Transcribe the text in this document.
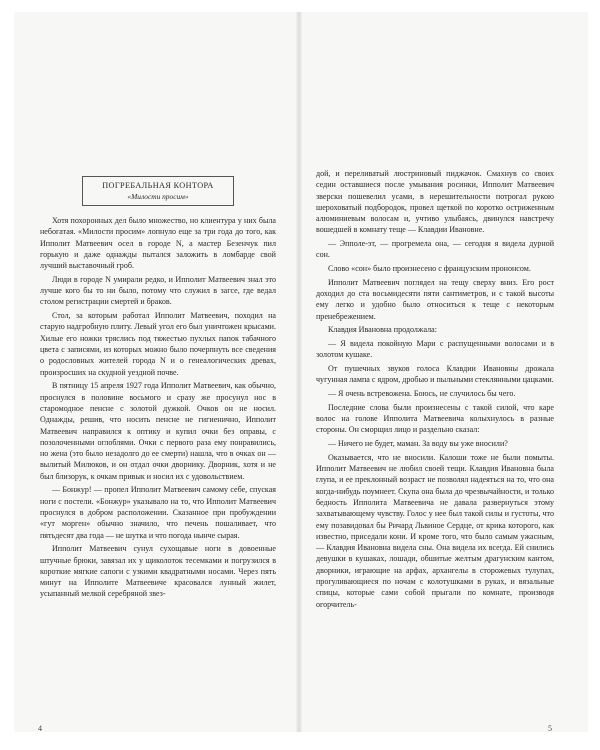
ПОГРЕБАЛЬНАЯ КОНТОРА
«Милости просим»

Хотя похоронных дел было множество, но клиентура у них была небогатая. «Милости просим» лопнуло еще за три года до того, как Ипполит Матвеевич осел в городе N, а мастер Безенчук пил горькую и даже однажды пытался заложить в ломбарде свой лучший выставочный гроб.

Люди в городе N умирали редко, и Ипполит Матвеевич знал это лучше кого бы то ни было, потому что служил в загсе, где ведал столом регистрации смертей и браков.

Стол, за которым работал Ипполит Матвеевич, походил на старую надгробную плиту. Левый угол его был уничтожен крысами. Хилые его ножки тряслись под тяжестью пухлых папок табачного цвета с записями, из которых можно было почерпнуть все сведения о родословных жителей города N и о генеалогических древах, произросших на скудной уездной почве.

В пятницу 15 апреля 1927 года Ипполит Матвеевич, как обычно, проснулся в половине восьмого и сразу же просунул нос в старомодное пенсне с золотой дужкой. Очков он не носил. Однажды, решив, что носить пенсне не гигиенично, Ипполит Матвеевич направился к оптику и купил очки без оправы, с позолоченными оглоблями. Очки с первого раза ему понравились, но жена (это было незадолго до ее смерти) нашла, что в очках он — вылитый Милюков, и он отдал очки дворнику. Дворник, хотя и не был близорук, к очкам привык и носил их с удовольствием.

— Бонжур! — пропел Ипполит Матвеевич самому себе, спуская ноги с постели. «Бонжур» указывало на то, что Ипполит Матвеевич проснулся в добром расположении. Сказанное при пробуждении «гут морген» обычно значило, что печень пошаливает, что пятьдесят два года — не шутка и что погода нынче сырая.

Ипполит Матвеевич сунул сухощавые ноги в довоенные штучные брюки, завязал их у щиколоток тесемками и погрузился в короткие мягкие сапоги с узкими квадратными носами. Через пять минут на Ипполите Матвеевиче красовался лунный жилет, усыпанный мелкой серебряной звез-

дой, и переливатый люстриновый пиджачок. Смахнув со своих седин оставшиеся после умывания росинки, Ипполит Матвеевич зверски пошевелил усами, в нерешительности потрогал рукою шероховатый подбородок, провел щеткой по коротко остриженным алюминиевым волосам и, учтиво улыбаясь, двинулся навстречу вошедшей в комнату теще — Клавдии Ивановне.

— Эпполе-эт, — прогремела она, — сегодня я видела дурной сон.

Слово «сон» было произнесено с французским прононсом.

Ипполит Матвеевич поглядел на тещу сверху вниз. Его рост доходил до ста восьмидесяти пяти сантиметров, и с такой высоты ему легко и удобно было относиться к теще с некоторым пренебрежением.

Клавдия Ивановна продолжала:

— Я видела покойную Мари с распущенными волосами и в золотом кушаке.

От пушечных звуков голоса Клавдии Ивановны дрожала чугунная лампа с ядром, дробью и пыльными стеклянными цацками.

— Я очень встревожена. Боюсь, не случилось бы чего.

Последние слова были произнесены с такой силой, что каре волос на голове Ипполита Матвеевича колыхнулось в разные стороны. Он сморщил лицо и раздельно сказал:

— Ничего не будет, маман. За воду вы уже вносили?

Оказывается, что не вносили. Калоши тоже не были помыты. Ипполит Матвеевич не любил своей тещи. Клавдия Ивановна была глупа, и ее преклонный возраст не позволял надеяться на то, что она когда-нибудь поумнеет. Скупа она была до чрезвычайности, и только бедность Ипполита Матвеевича не давала развернуться этому захватывающему чувству. Голос у нее был такой силы и густоты, что ему позавидовал бы Ричард Львиное Сердце, от крика которого, как известно, приседали кони. И кроме того, что было самым ужасным, — Клавдия Ивановна видела сны. Она видела их всегда. Ей снились девушки в кушаках, лошади, обшитые желтым драгунским кантом, дворники, играющие на арфах, архангелы в сторожевых тулупах, прогуливающиеся по ночам с колотушками в руках, и вязальные спицы, которые сами собой прыгали по комнате, производя огорчитель-

4	5
